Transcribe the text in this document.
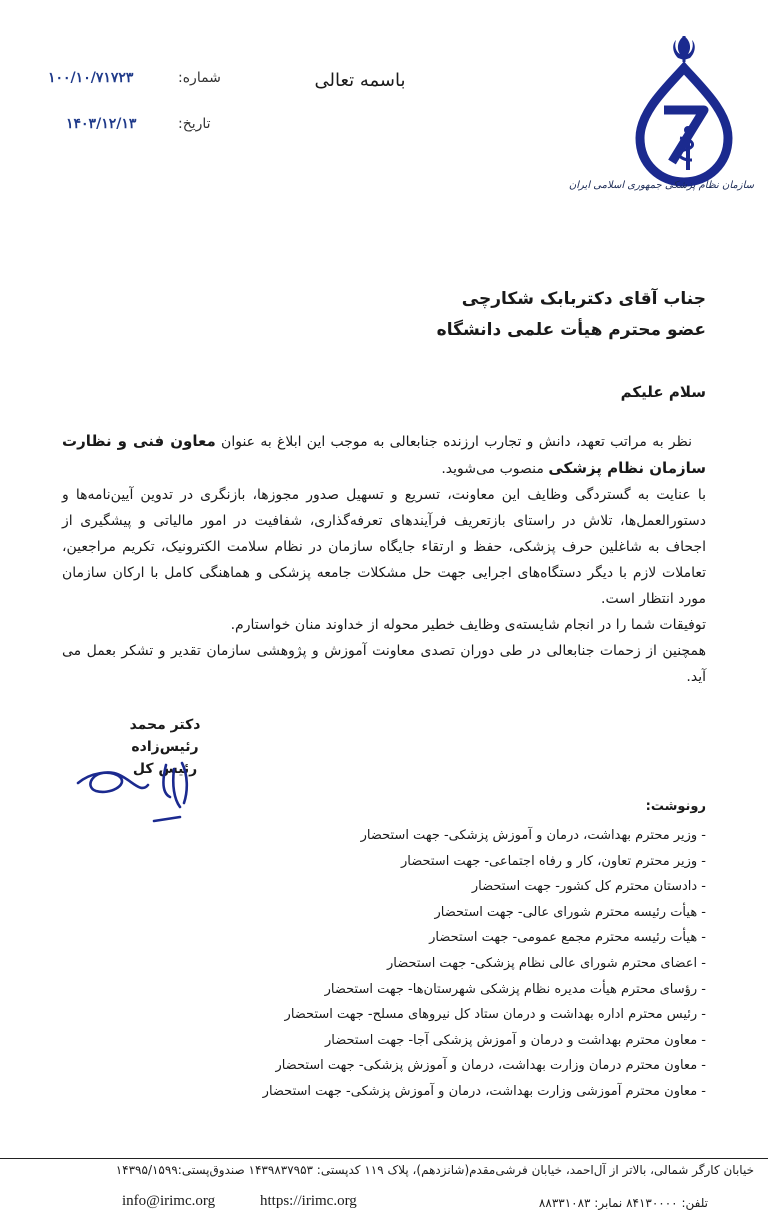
سازمان نظام پزشکی جمهوری اسلامی ایران
باسمه تعالی
شماره:
۱۰۰/۱۰/۷۱۷۲۳
تاریخ:
۱۴۰۳/۱۲/۱۳
جناب آقای دکتربابک شکارچی
عضو محترم هیأت علمی دانشگاه
سلام علیکم

نظر به مراتب تعهد، دانش و تجارب ارزنده جنابعالی به موجب این ابلاغ به عنوان معاون فنی و نظارت سازمان نظام پزشکی منصوب می‌شوید.

با عنایت به گستردگی وظایف این معاونت، تسریع و تسهیل صدور مجوزها، بازنگری در تدوین آیین‌نامه‌ها و دستورالعمل‌ها، تلاش در راستای بازتعریف فرآیندهای تعرفه‌گذاری، شفافیت در امور مالیاتی و پیشگیری از اجحاف به شاغلین حرف پزشکی، حفظ و ارتقاء جایگاه سازمان در نظام سلامت الکترونیک، تکریم مراجعین، تعاملات لازم با دیگر دستگاه‌های اجرایی جهت حل مشکلات جامعه پزشکی و هماهنگی کامل با ارکان سازمان مورد انتظار است.

توفیقات شما را در انجام شایسته‌ی وظایف خطیر محوله از خداوند منان خواستارم.

همچنین از زحمات جنابعالی در طی دوران تصدی معاونت آموزش و پژوهشی سازمان تقدیر و تشکر بعمل می آید.

دکتر محمد رئیس‌زاده
رئیس کل
رونوشت:
- وزیر محترم بهداشت، درمان و آموزش پزشکی- جهت استحضار
- وزیر محترم تعاون، کار و رفاه اجتماعی- جهت استحضار
- دادستان محترم کل کشور- جهت استحضار
- هیأت رئیسه محترم شورای عالی- جهت استحضار
- هیأت رئیسه محترم مجمع عمومی- جهت استحضار
- اعضای محترم شورای عالی نظام پزشکی- جهت استحضار
- رؤسای محترم هیأت مدیره نظام پزشکی شهرستان‌ها- جهت استحضار
- رئیس محترم اداره بهداشت و درمان ستاد کل نیروهای مسلح- جهت استحضار
- معاون محترم بهداشت و درمان و آموزش پزشکی آجا- جهت استحضار
- معاون محترم درمان وزارت بهداشت، درمان و آموزش پزشکی- جهت استحضار
- معاون محترم آموزشی وزارت بهداشت، درمان و آموزش پزشکی- جهت استحضار
خیابان کارگر شمالی، بالاتر از آل‌احمد، خیابان فرشی‌مقدم(شانزدهم)، پلاک ۱۱۹ کدپستی: ۱۴۳۹۸۳۷۹۵۳ صندوق‌پستی:۱۴۳۹۵/۱۵۹۹
تلفن: ۸۴۱۳۰۰۰۰ نمابر: ۸۸۳۳۱۰۸۳
https://irimc.org
info@irimc.org
